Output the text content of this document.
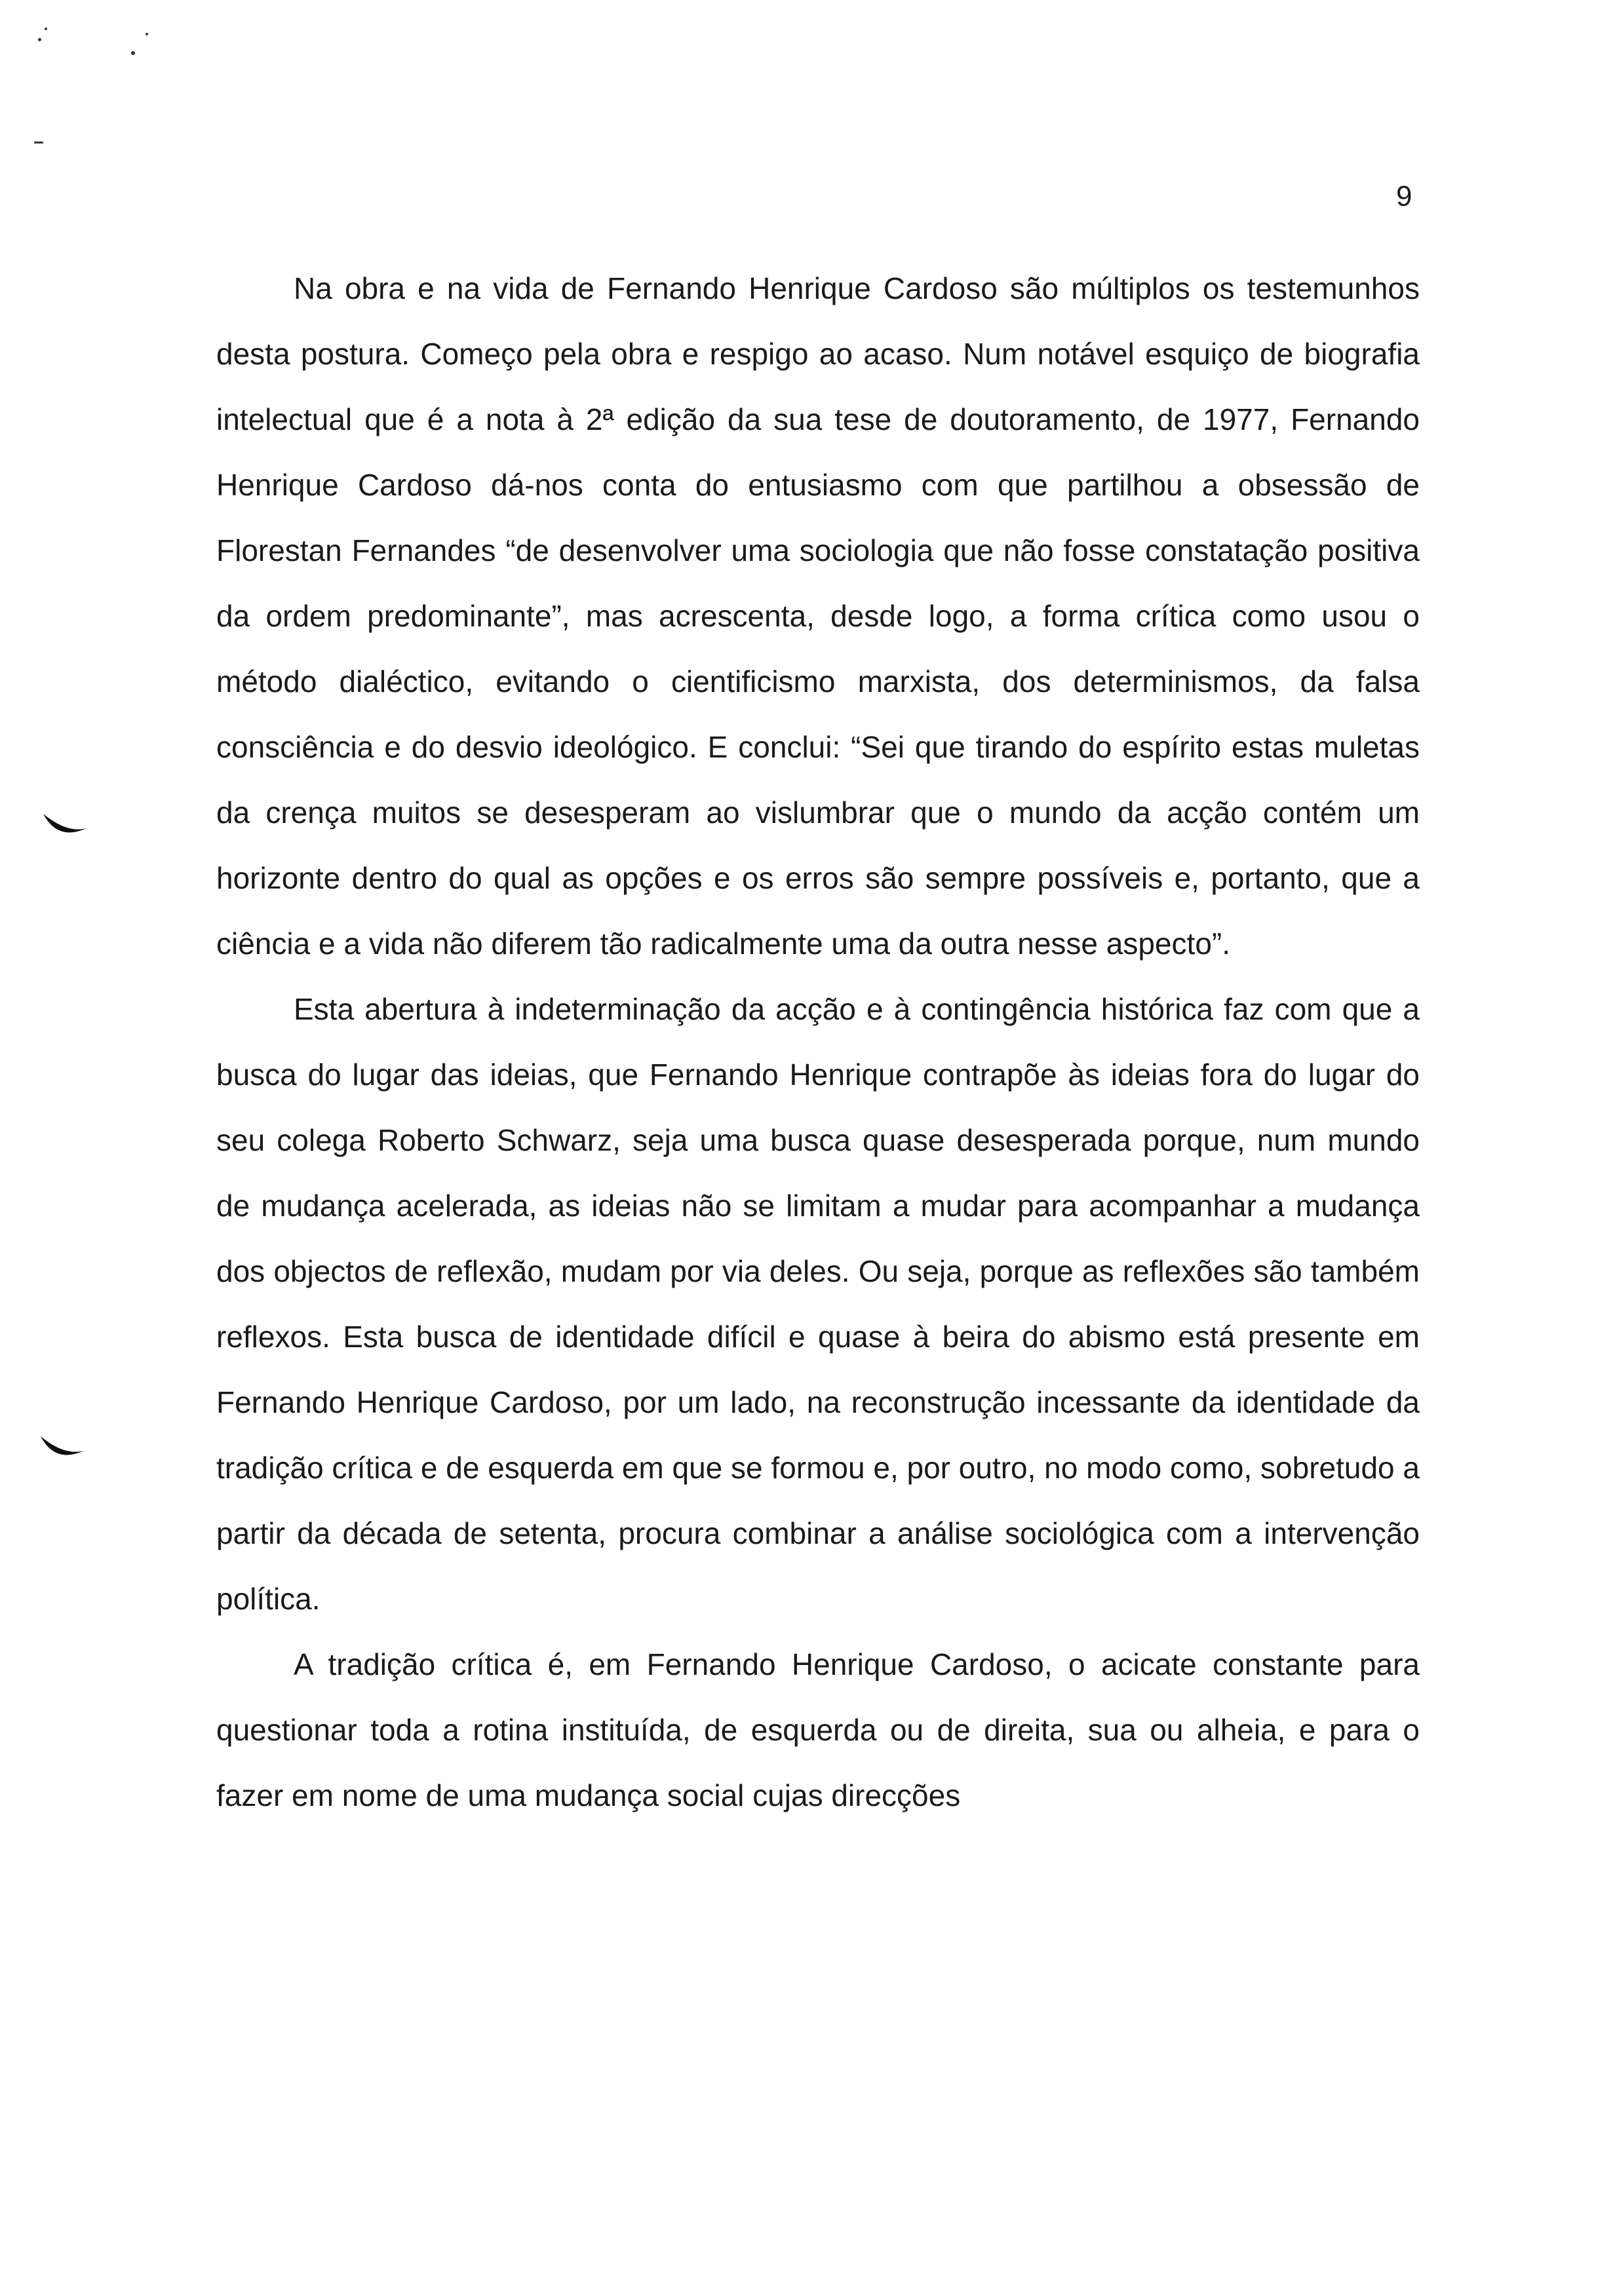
9

Na obra e na vida de Fernando Henrique Cardoso são múltiplos os testemunhos desta postura. Começo pela obra e respigo ao acaso. Num notável esquiço de biografia intelectual que é a nota à 2ª edição da sua tese de doutoramento, de 1977, Fernando Henrique Cardoso dá-nos conta do entusiasmo com que partilhou a obsessão de Florestan Fernandes “de desenvolver uma sociologia que não fosse constatação positiva da ordem predominante”, mas acrescenta, desde logo, a forma crítica como usou o método dialéctico, evitando o cientificismo marxista, dos determinismos, da falsa consciência e do desvio ideológico. E conclui: “Sei que tirando do espírito estas muletas da crença muitos se desesperam ao vislumbrar que o mundo da acção contém um horizonte dentro do qual as opções e os erros são sempre possíveis e, portanto, que a ciência e a vida não diferem tão radicalmente uma da outra nesse aspecto”.

Esta abertura à indeterminação da acção e à contingência histórica faz com que a busca do lugar das ideias, que Fernando Henrique contrapõe às ideias fora do lugar do seu colega Roberto Schwarz, seja uma busca quase desesperada porque, num mundo de mudança acelerada, as ideias não se limitam a mudar para acompanhar a mudança dos objectos de reflexão, mudam por via deles. Ou seja, porque as reflexões são também reflexos. Esta busca de identidade difícil e quase à beira do abismo está presente em Fernando Henrique Cardoso, por um lado, na reconstrução incessante da identidade da tradição crítica e de esquerda em que se formou e, por outro, no modo como, sobretudo a partir da década de setenta, procura combinar a análise sociológica com a intervenção política.

A tradição crítica é, em Fernando Henrique Cardoso, o acicate constante para questionar toda a rotina instituída, de esquerda ou de direita, sua ou alheia, e para o fazer em nome de uma mudança social cujas direcções
